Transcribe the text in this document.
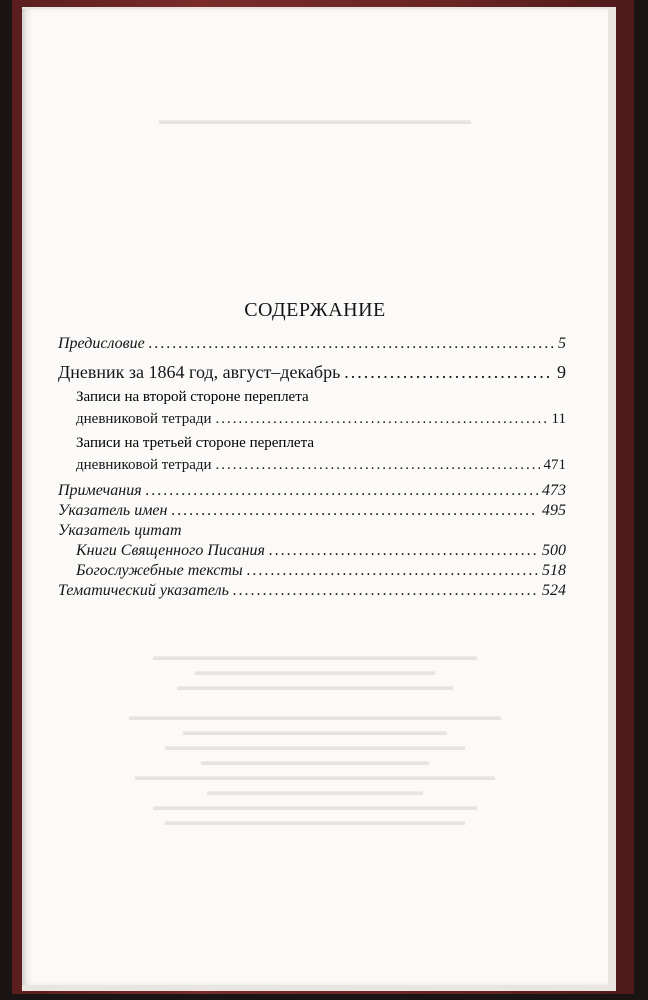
▬▬▬▬▬▬▬▬▬▬▬▬▬▬▬▬▬▬▬▬▬▬▬▬▬▬
СОДЕРЖАНИЕ
Предисловие .....	5
Дневник за 1864 год, август–декабрь .....	9
Записи на второй стороне переплета
дневниковой тетради .....	11
Записи на третьей стороне переплета
дневниковой тетради .....	471
Примечания .....	473
Указатель имен .....	495
Указатель цитат
Книги Священного Писания .....	500
Богослужебные тексты .....	518
Тематический указатель .....	524
▬▬▬▬▬▬▬▬▬▬▬▬▬▬▬▬▬▬▬▬▬▬▬▬▬▬▬
▬▬▬▬▬▬▬▬▬▬▬▬▬▬▬▬▬▬▬▬
▬▬▬▬▬▬▬▬▬▬▬▬▬▬▬▬▬▬▬▬▬▬▬

▬▬▬▬▬▬▬▬▬▬▬▬▬▬▬▬▬▬▬▬▬▬▬▬▬▬▬▬▬▬▬
▬▬▬▬▬▬▬▬▬▬▬▬▬▬▬▬▬▬▬▬▬▬
▬▬▬▬▬▬▬▬▬▬▬▬▬▬▬▬▬▬▬▬▬▬▬▬▬
▬▬▬▬▬▬▬▬▬▬▬▬▬▬▬▬▬▬▬
▬▬▬▬▬▬▬▬▬▬▬▬▬▬▬▬▬▬▬▬▬▬▬▬▬▬▬▬▬▬
▬▬▬▬▬▬▬▬▬▬▬▬▬▬▬▬▬▬
▬▬▬▬▬▬▬▬▬▬▬▬▬▬▬▬▬▬▬▬▬▬▬▬▬▬▬
▬▬▬▬▬▬▬▬▬▬▬▬▬▬▬▬▬▬▬▬▬▬▬▬▬
